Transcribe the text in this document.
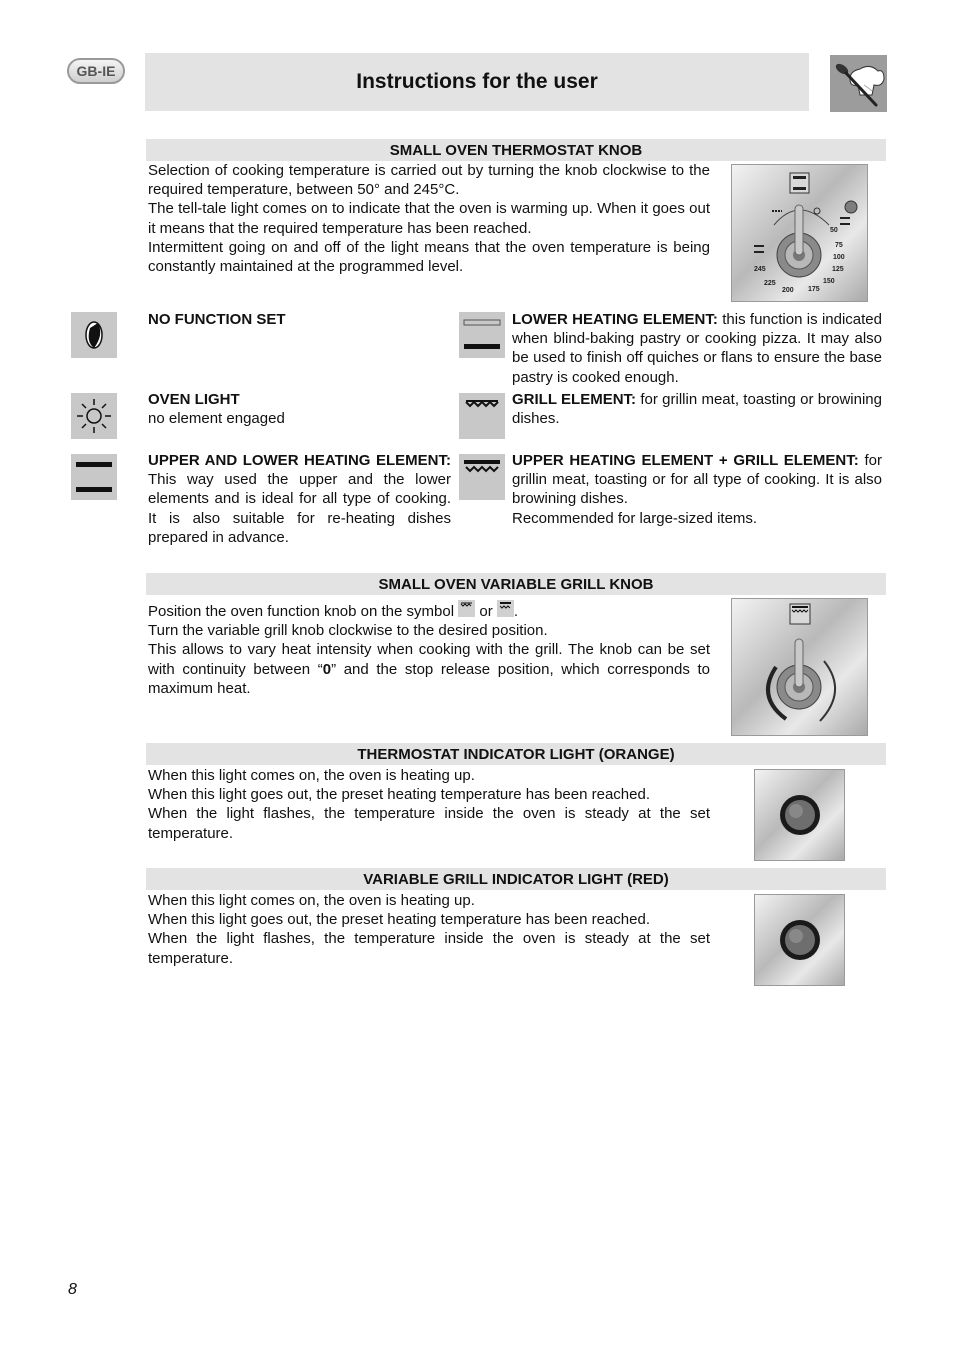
GB-IE	Instructions for the user
SMALL OVEN THERMOSTAT KNOB

Selection of cooking temperature is carried out by turning the knob clockwise to the required temperature, between 50° and 245°C.

The tell-tale light comes on to indicate that the oven is warming up. When it goes out it means that the required temperature has been reached.

Intermittent going on and off of the light means that the oven temperature is being constantly maintained at the programmed level.

50
75
100
125
150
175
200
225
245

NO FUNCTION SET

OVEN LIGHT

no element engaged

UPPER AND LOWER HEATING ELEMENT: This way used the upper and the lower elements and is ideal for all type of cooking. It is also suitable for re-heating dishes prepared in advance.

LOWER HEATING ELEMENT: this function is indicated when blind-baking pastry or cooking pizza. It may also be used to finish off quiches or flans to ensure the base pastry is cooked enough.

GRILL ELEMENT: for grillin meat, toasting or browining dishes.

UPPER HEATING ELEMENT + GRILL ELEMENT: for grillin meat, toasting or for all type of cooking. It is also browining dishes.

Recommended for large-sized items.

SMALL OVEN VARIABLE GRILL KNOB

Position the oven function knob on the symbol
or
.

Turn the variable grill knob clockwise to the desired position.

This allows to vary heat intensity when cooking with the grill. The knob can be set with continuity between “0” and the stop release position, which corresponds to maximum heat.

THERMOSTAT INDICATOR LIGHT (ORANGE)

When this light comes on, the oven is heating up.

When this light goes out, the preset heating temperature has been reached.

When the light flashes, the temperature inside the oven is steady at the set temperature.

VARIABLE GRILL INDICATOR LIGHT (RED)

When this light comes on, the oven is heating up.

When this light goes out, the preset heating temperature has been reached.

When the light flashes, the temperature inside the oven is steady at the set temperature.

8
